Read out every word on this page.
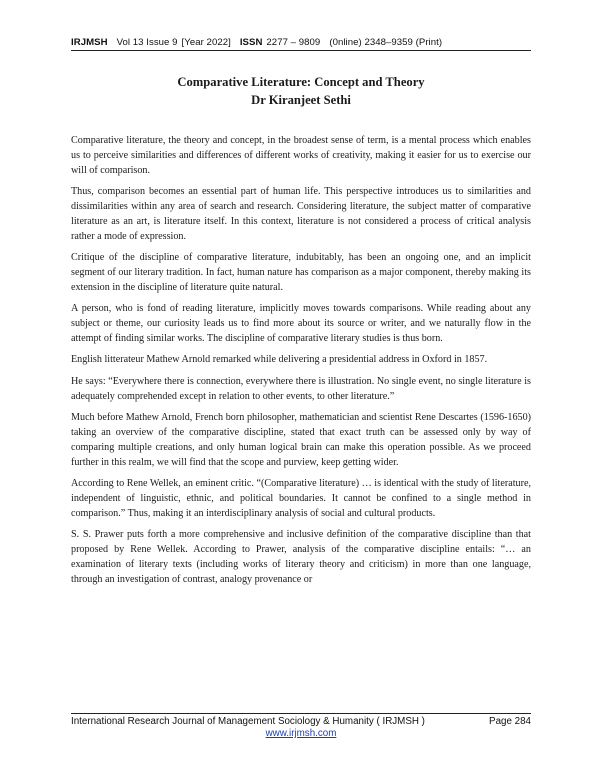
IRJMSH Vol 13 Issue 9 [Year 2022] ISSN 2277 – 9809 (0nline) 2348–9359 (Print)
Comparative Literature: Concept and Theory
Dr Kiranjeet Sethi

Comparative literature, the theory and concept, in the broadest sense of term, is a mental process which enables us to perceive similarities and differences of different works of creativity, making it easier for us to exercise our will of comparison.

Thus, comparison becomes an essential part of human life. This perspective introduces us to similarities and dissimilarities within any area of search and research. Considering literature, the subject matter of comparative literature as an art, is literature itself. In this context, literature is not considered a process of critical analysis rather a mode of expression.

Critique of the discipline of comparative literature, indubitably, has been an ongoing one, and an implicit segment of our literary tradition. In fact, human nature has comparison as a major component, thereby making its extension in the discipline of literature quite natural.

A person, who is fond of reading literature, implicitly moves towards comparisons. While reading about any subject or theme, our curiosity leads us to find more about its source or writer, and we naturally flow in the attempt of finding similar works. The discipline of comparative literary studies is thus born.

English litterateur Mathew Arnold remarked while delivering a presidential address in Oxford in 1857.

He says: “Everywhere there is connection, everywhere there is illustration. No single event, no single literature is adequately comprehended except in relation to other events, to other literature.”

Much before Mathew Arnold, French born philosopher, mathematician and scientist Rene Descartes (1596-1650) taking an overview of the comparative discipline, stated that exact truth can be assessed only by way of comparing multiple creations, and only human logical brain can make this operation possible. As we proceed further in this realm, we will find that the scope and purview, keep getting wider.

According to Rene Wellek, an eminent critic. “(Comparative literature) … is identical with the study of literature, independent of linguistic, ethnic, and political boundaries. It cannot be confined to a single method in comparison.” Thus, making it an interdisciplinary analysis of social and cultural products.

S. S. Prawer puts forth a more comprehensive and inclusive definition of the comparative discipline than that proposed by Rene Wellek. According to Prawer, analysis of the comparative discipline entails: “… an examination of literary texts (including works of literary theory and criticism) in more than one language, through an investigation of contrast, analogy provenance or

International Research Journal of Management Sociology & Humanity ( IRJMSH )	Page 284
www.irjmsh.com
